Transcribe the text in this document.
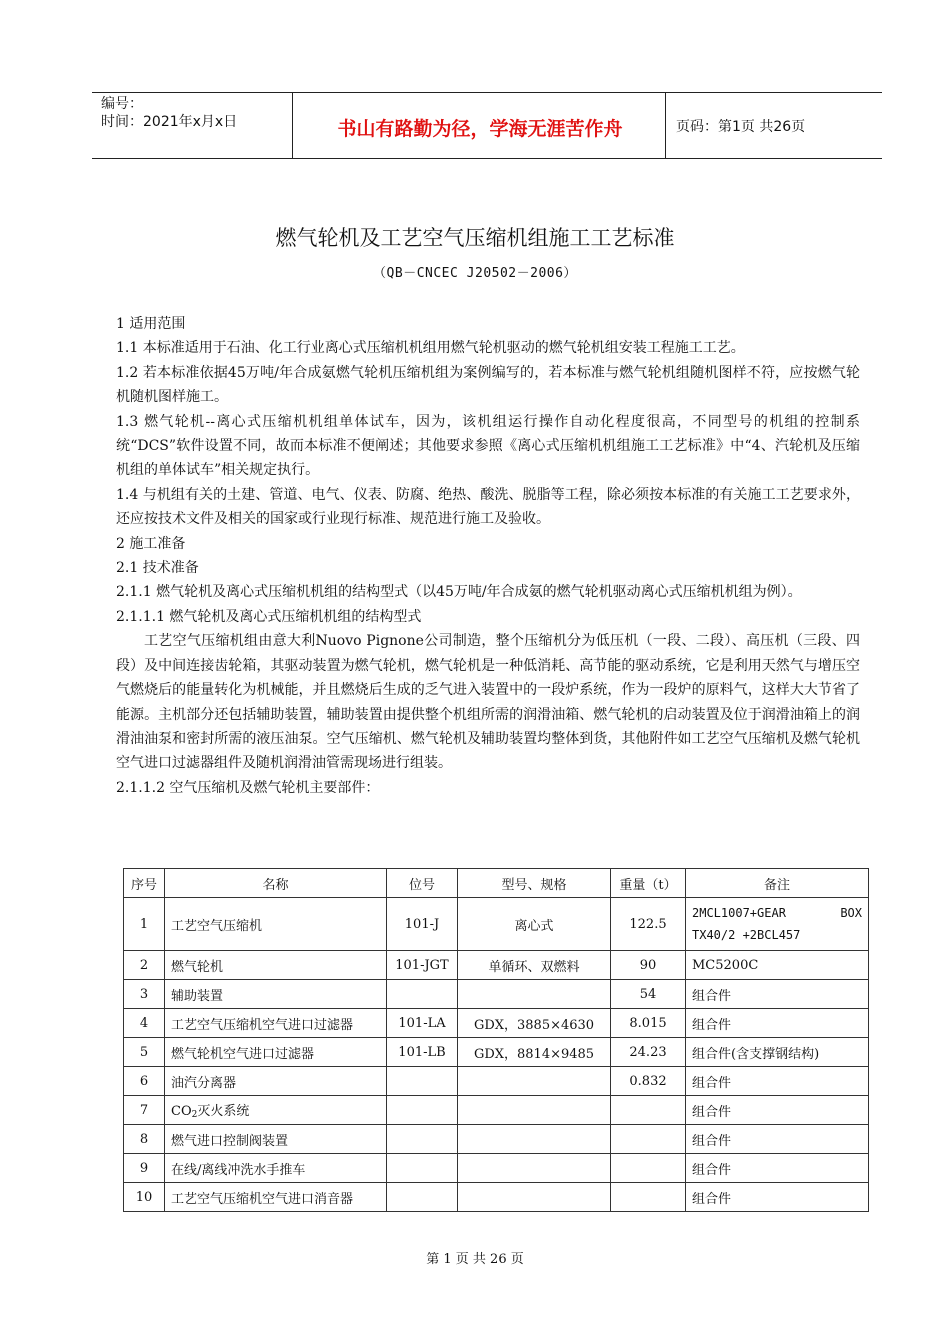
编号：
时间：2021年x月x日	书山有路勤为径，学海无涯苦作舟	页码：第1页 共26页
燃气轮机及工艺空气压缩机组施工工艺标准
（QB－CNCEC J20502－2006）

1 适用范围

1.1 本标准适用于石油、化工行业离心式压缩机机组用燃气轮机驱动的燃气轮机组安装工程施工工艺。

1.2 若本标准依据45万吨/年合成氨燃气轮机压缩机组为案例编写的，若本标准与燃气轮机组随机图样不符，应按燃气轮机随机图样施工。

1.3 燃气轮机--离心式压缩机机组单体试车，因为，该机组运行操作自动化程度很高，不同型号的机组的控制系统“DCS”软件设置不同，故而本标准不便阐述；其他要求参照《离心式压缩机机组施工工艺标准》中“4、汽轮机及压缩机组的单体试车”相关规定执行。

1.4 与机组有关的土建、管道、电气、仪表、防腐、绝热、酸洗、脱脂等工程，除必须按本标准的有关施工工艺要求外，还应按技术文件及相关的国家或行业现行标准、规范进行施工及验收。

2 施工准备

2.1 技术准备

2.1.1 燃气轮机及离心式压缩机机组的结构型式（以45万吨/年合成氨的燃气轮机驱动离心式压缩机机组为例）。

2.1.1.1 燃气轮机及离心式压缩机机组的结构型式

工艺空气压缩机组由意大利Nuovo Pignone公司制造，整个压缩机分为低压机（一段、二段）、高压机（三段、四段）及中间连接齿轮箱，其驱动装置为燃气轮机，燃气轮机是一种低消耗、高节能的驱动系统，它是利用天然气与增压空气燃烧后的能量转化为机械能，并且燃烧后生成的乏气进入装置中的一段炉系统，作为一段炉的原料气，这样大大节省了能源。主机部分还包括辅助装置，辅助装置由提供整个机组所需的润滑油箱、燃气轮机的启动装置及位于润滑油箱上的润滑油油泵和密封所需的液压油泵。空气压缩机、燃气轮机及辅助装置均整体到货，其他附件如工艺空气压缩机及燃气轮机空气进口过滤器组件及随机润滑油管需现场进行组装。

2.1.1.2 空气压缩机及燃气轮机主要部件：

序号	名称	位号	型号、规格	重量（t）	备注
1	工艺空气压缩机	101-J	离心式	122.5	2MCL1007+GEAR BOX
TX40/2 +2BCL457

2	燃气轮机	101-JGT	单循环、双燃料	90	MC5200C
3	辅助装置			54	组合件
4	工艺空气压缩机空气进口过滤器	101-LA	GDX，3885×4630	8.015	组合件
5	燃气轮机空气进口过滤器	101-LB	GDX，8814×9485	24.23	组合件(含支撑钢结构)
6	油汽分离器			0.832	组合件
7	$CO_2$灭火系统				组合件
8	燃气进口控制阀装置				组合件
9	在线/离线冲洗水手推车				组合件
10	工艺空气压缩机空气进口消音器				组合件
第 1 页 共 26 页
